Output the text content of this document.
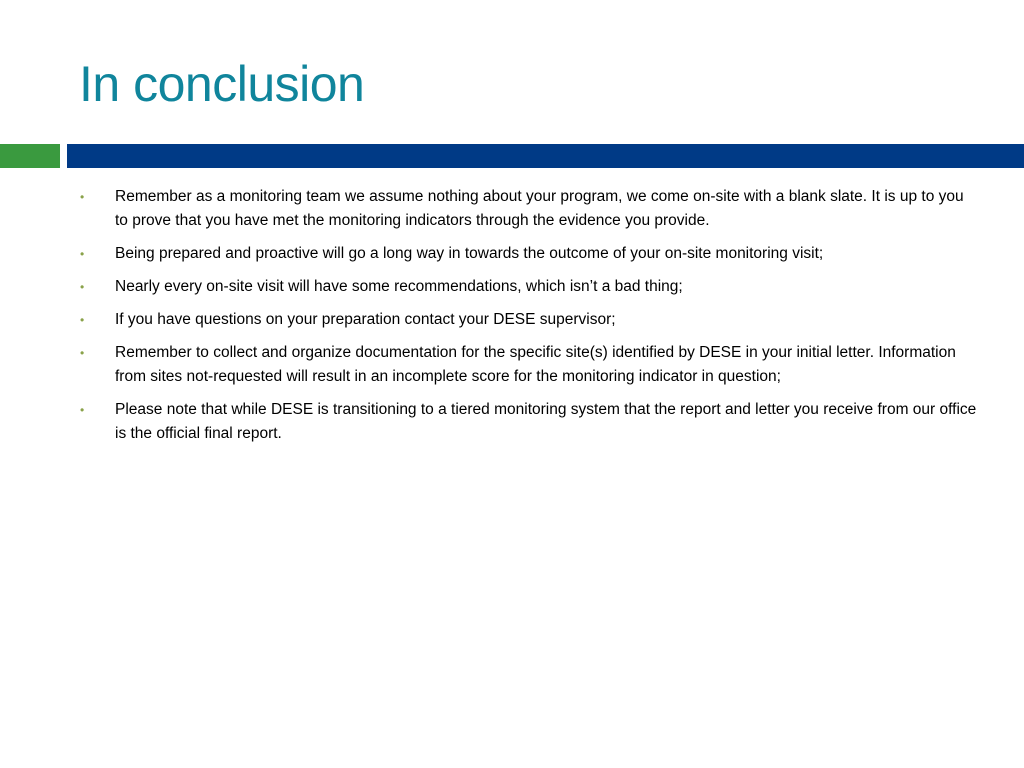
In conclusion
•	Remember as a monitoring team we assume nothing about your program, we come on-site with a blank slate. It is up to you to prove that you have met the monitoring indicators through the evidence you provide.
•	Being prepared and proactive will go a long way in towards the outcome of your on-site monitoring visit;
•	Nearly every on-site visit will have some recommendations, which isn’t a bad thing;
•	If you have questions on your preparation contact your DESE supervisor;
•	Remember to collect and organize documentation for the specific site(s) identified by DESE in your initial letter. Information from sites not-requested will result in an incomplete score for the monitoring indicator in question;
•	Please note that while DESE is transitioning to a tiered monitoring system that the report and letter you receive from our office is the official final report.
